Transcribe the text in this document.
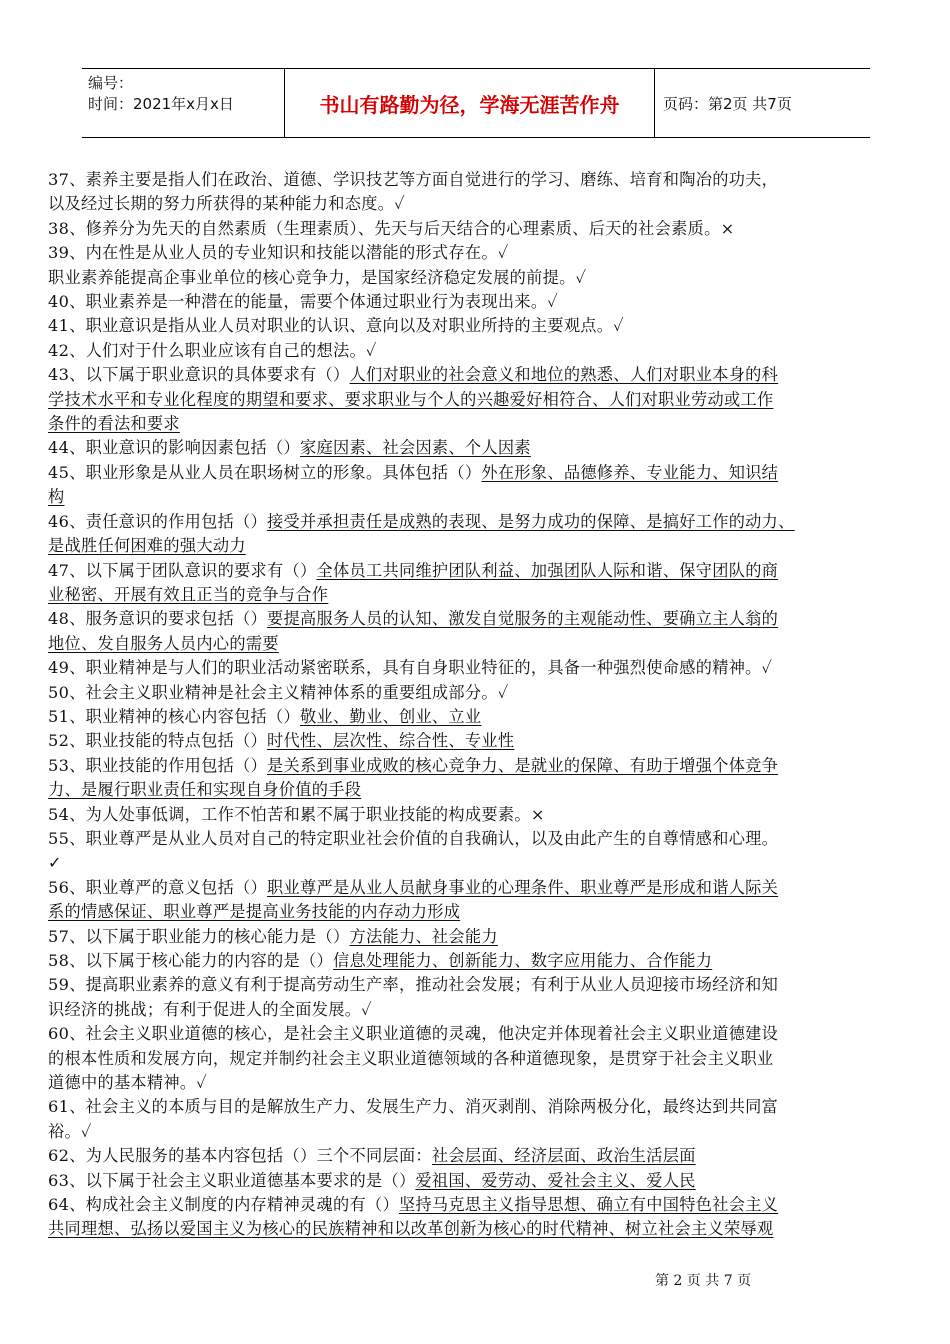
编号：
时间：2021年x月x日	书山有路勤为径，学海无涯苦作舟	页码：第2页 共7页
37、素养主要是指人们在政治、道德、学识技艺等方面自觉进行的学习、磨练、培育和陶冶的功夫，
以及经过长期的努力所获得的某种能力和态度。✓
38、修养分为先天的自然素质（生理素质）、先天与后天结合的心理素质、后天的社会素质。×
39、内在性是从业人员的专业知识和技能以潜能的形式存在。✓
职业素养能提高企事业单位的核心竞争力，是国家经济稳定发展的前提。✓
40、职业素养是一种潜在的能量，需要个体通过职业行为表现出来。✓
41、职业意识是指从业人员对职业的认识、意向以及对职业所持的主要观点。✓
42、人们对于什么职业应该有自己的想法。✓
43、以下属于职业意识的具体要求有（）人们对职业的社会意义和地位的熟悉、人们对职业本身的科
学技术水平和专业化程度的期望和要求、要求职业与个人的兴趣爱好相符合、人们对职业劳动或工作
条件的看法和要求
44、职业意识的影响因素包括（）家庭因素、社会因素、个人因素
45、职业形象是从业人员在职场树立的形象。具体包括（）外在形象、品德修养、专业能力、知识结
构
46、责任意识的作用包括（）接受并承担责任是成熟的表现、是努力成功的保障、是搞好工作的动力、
是战胜任何困难的强大动力
47、以下属于团队意识的要求有（）全体员工共同维护团队利益、加强团队人际和谐、保守团队的商
业秘密、开展有效且正当的竞争与合作
48、服务意识的要求包括（）要提高服务人员的认知、激发自觉服务的主观能动性、要确立主人翁的
地位、发自服务人员内心的需要
49、职业精神是与人们的职业活动紧密联系，具有自身职业特征的，具备一种强烈使命感的精神。✓
50、社会主义职业精神是社会主义精神体系的重要组成部分。✓
51、职业精神的核心内容包括（）敬业、勤业、创业、立业
52、职业技能的特点包括（）时代性、层次性、综合性、专业性
53、职业技能的作用包括（）是关系到事业成败的核心竞争力、是就业的保障、有助于增强个体竞争
力、是履行职业责任和实现自身价值的手段
54、为人处事低调，工作不怕苦和累不属于职业技能的构成要素。×
55、职业尊严是从业人员对自己的特定职业社会价值的自我确认，以及由此产生的自尊情感和心理。
✓
56、职业尊严的意义包括（）职业尊严是从业人员献身事业的心理条件、职业尊严是形成和谐人际关
系的情感保证、职业尊严是提高业务技能的内存动力形成
57、以下属于职业能力的核心能力是（）方法能力、社会能力
58、以下属于核心能力的内容的是（）信息处理能力、创新能力、数字应用能力、合作能力
59、提高职业素养的意义有利于提高劳动生产率，推动社会发展；有利于从业人员迎接市场经济和知
识经济的挑战；有利于促进人的全面发展。✓
60、社会主义职业道德的核心，是社会主义职业道德的灵魂，他决定并体现着社会主义职业道德建设
的根本性质和发展方向，规定并制约社会主义职业道德领域的各种道德现象，是贯穿于社会主义职业
道德中的基本精神。✓
61、社会主义的本质与目的是解放生产力、发展生产力、消灭剥削、消除两极分化，最终达到共同富
裕。✓
62、为人民服务的基本内容包括（）三个不同层面：社会层面、经济层面、政治生活层面
63、以下属于社会主义职业道德基本要求的是（）爱祖国、爱劳动、爱社会主义、爱人民
64、构成社会主义制度的内存精神灵魂的有（）坚持马克思主义指导思想、确立有中国特色社会主义
共同理想、弘扬以爱国主义为核心的民族精神和以改革创新为核心的时代精神、树立社会主义荣辱观
第 2 页 共 7 页
